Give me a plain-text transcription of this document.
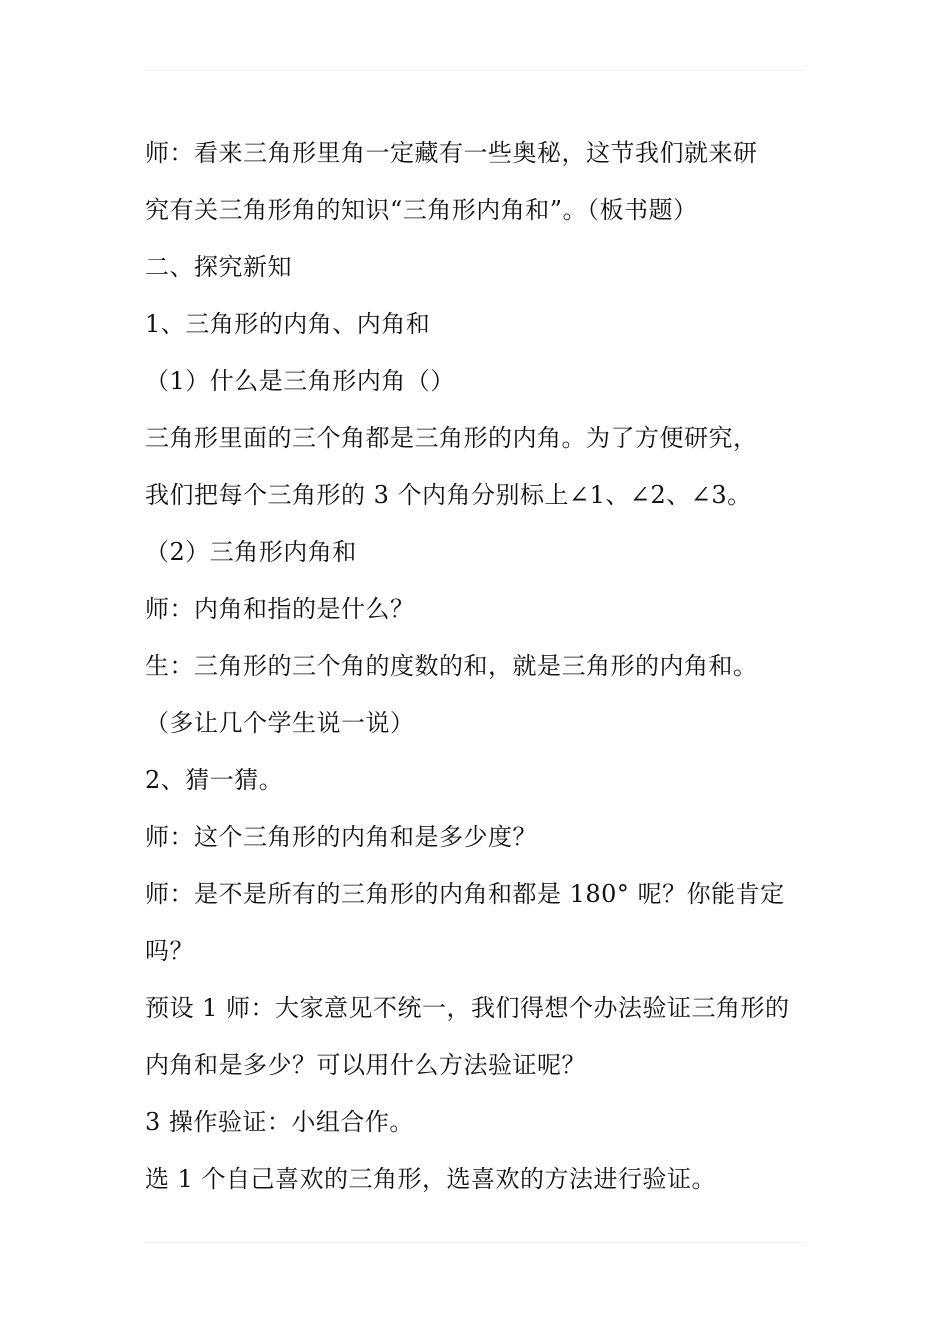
师：看来三角形里角一定藏有一些奥秘，这节我们就来研
究有关三角形角的知识“三角形内角和”。（板书题）
二、探究新知
1、三角形的内角、内角和
（1）什么是三角形内角（）
三角形里面的三个角都是三角形的内角。为了方便研究，
我们把每个三角形的 3 个内角分别标上∠1、∠2、∠3。
（2）三角形内角和
师：内角和指的是什么？
生：三角形的三个角的度数的和，就是三角形的内角和。
（多让几个学生说一说）
2、猜一猜。
师：这个三角形的内角和是多少度？
师：是不是所有的三角形的内角和都是 180° 呢？你能肯定
吗？
预设 1 师：大家意见不统一，我们得想个办法验证三角形的
内角和是多少？可以用什么方法验证呢？
3 操作验证：小组合作。
选 1 个自己喜欢的三角形，选喜欢的方法进行验证。
